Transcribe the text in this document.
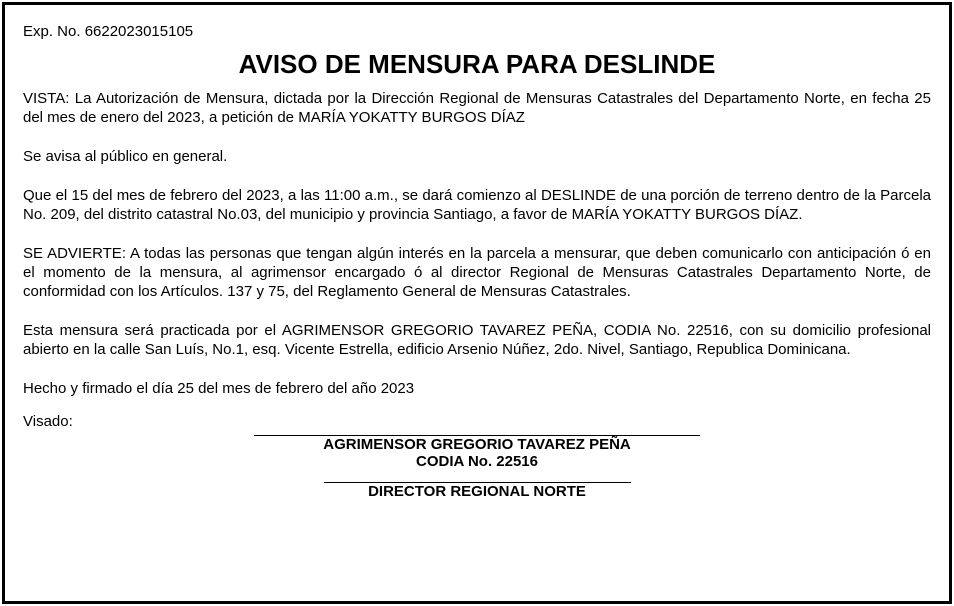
Exp. No. 6622023015105
AVISO DE MENSURA PARA DESLINDE

VISTA: La Autorización de Mensura, dictada por la Dirección Regional de Mensuras Catastrales del Departamento Norte, en fecha 25 del mes de enero del 2023, a petición de MARÍA YOKATTY BURGOS DÍAZ

Se avisa al público en general.

Que el 15 del mes de febrero del 2023, a las 11:00 a.m., se dará comienzo al DESLINDE de una porción de terreno dentro de la Parcela No. 209, del distrito catastral No.03, del municipio y provincia Santiago, a favor de MARÍA YOKATTY BURGOS DÍAZ.

SE ADVIERTE: A todas las personas que tengan algún interés en la parcela a mensurar, que deben comunicarlo con anticipación ó en el momento de la mensura, al agrimensor encargado ó al director Regional de Mensuras Catastrales Departamento Norte, de conformidad con los Artículos. 137 y 75, del Reglamento General de Mensuras Catastrales.

Esta mensura será practicada por el AGRIMENSOR GREGORIO TAVAREZ PEÑA, CODIA No. 22516, con su domicilio profesional abierto en la calle San Luís, No.1, esq. Vicente Estrella, edificio Arsenio Núñez, 2do. Nivel, Santiago, Republica Dominicana.

Hecho y firmado el día 25 del mes de febrero del año 2023

Visado:
AGRIMENSOR GREGORIO TAVAREZ PEÑA
CODIA No. 22516
DIRECTOR REGIONAL NORTE
